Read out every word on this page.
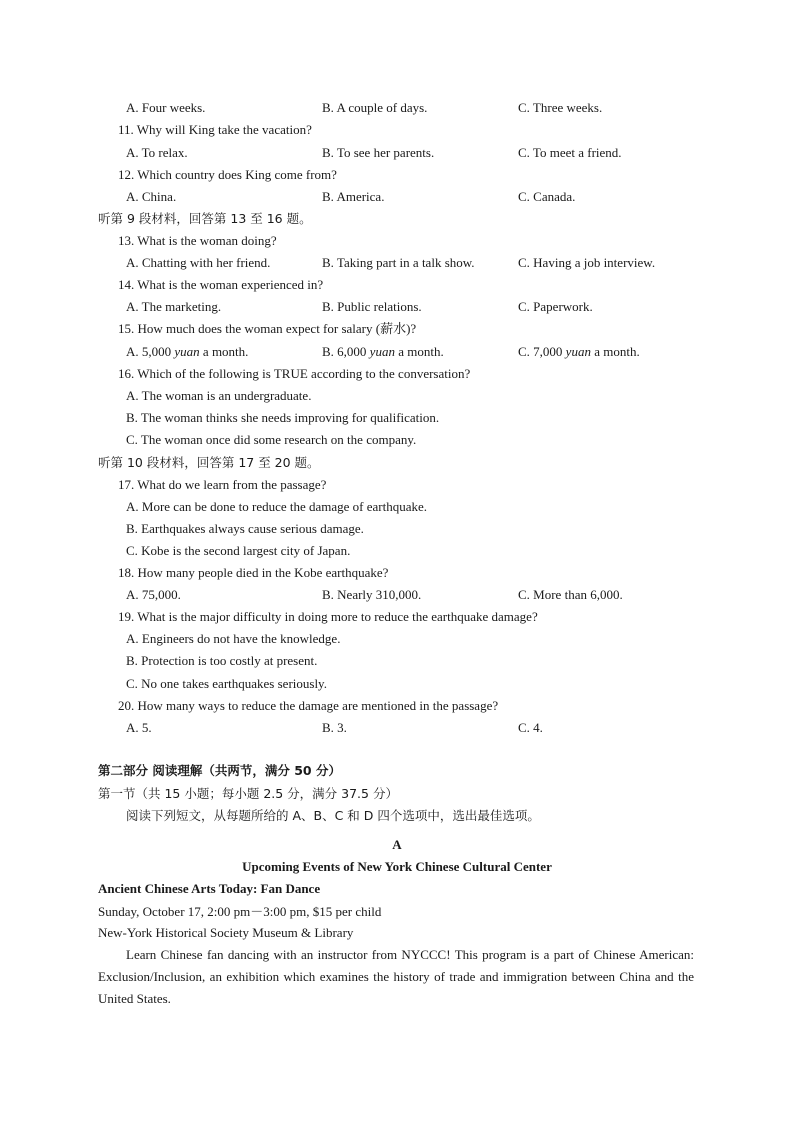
A. Four weeks.	B. A couple of days.	C. Three weeks.
11. Why will King take the vacation?
A. To relax.	B. To see her parents.	C. To meet a friend.
12. Which country does King come from?
A. China.	B. America.	C. Canada.
听第 9 段材料，回答第 13 至 16 题。
13. What is the woman doing?
A. Chatting with her friend.	B. Taking part in a talk show.	C. Having a job interview.
14. What is the woman experienced in?
A. The marketing.	B. Public relations.	C. Paperwork.
15. How much does the woman expect for salary (薪水)?
A. 5,000 yuan a month.	B. 6,000 yuan a month.	C. 7,000 yuan a month.
16. Which of the following is TRUE according to the conversation?
A. The woman is an undergraduate.
B. The woman thinks she needs improving for qualification.
C. The woman once did some research on the company.
听第 10 段材料，回答第 17 至 20 题。
17. What do we learn from the passage?
A. More can be done to reduce the damage of earthquake.
B. Earthquakes always cause serious damage.
C. Kobe is the second largest city of Japan.
18. How many people died in the Kobe earthquake?
A. 75,000.	B. Nearly 310,000.	C. More than 6,000.
19. What is the major difficulty in doing more to reduce the earthquake damage?
A. Engineers do not have the knowledge.
B. Protection is too costly at present.
C. No one takes earthquakes seriously.
20. How many ways to reduce the damage are mentioned in the passage?
A. 5.	B. 3.	C. 4.
第二部分 阅读理解（共两节，满分 50 分）
第一节（共 15 小题；每小题 2.5 分，满分 37.5 分）
阅读下列短文，从每题所给的 A、B、C 和 D 四个选项中，选出最佳选项。
A
Upcoming Events of New York Chinese Cultural Center
Ancient Chinese Arts Today: Fan Dance
Sunday, October 17, 2:00 pm－3:00 pm, $15 per child
New-York Historical Society Museum & Library
Learn Chinese fan dancing with an instructor from NYCCC! This program is a part of Chinese American: Exclusion/Inclusion, an exhibition which examines the history of trade and immigration between China and the United States.
